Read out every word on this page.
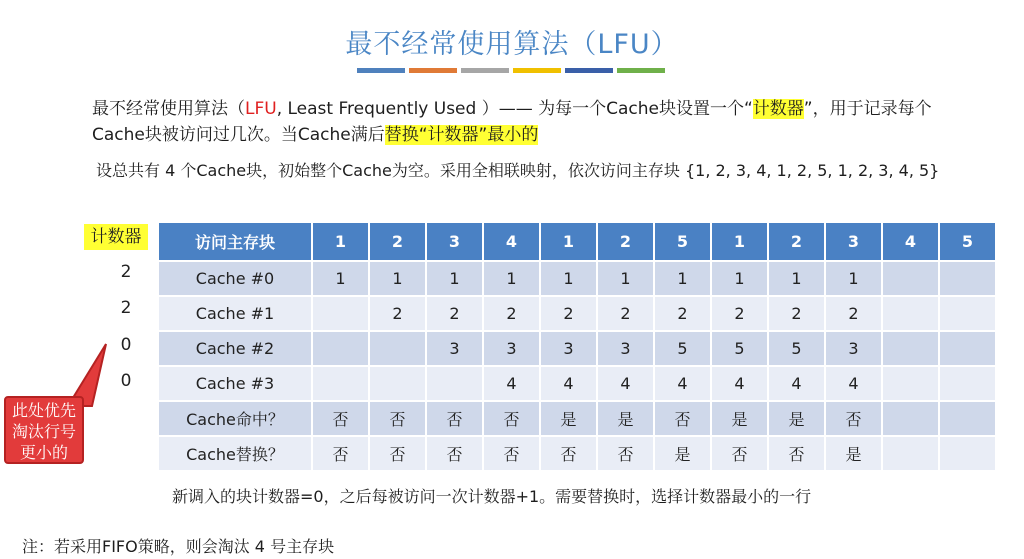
最不经常使用算法（LFU）
最不经常使用算法（LFU, Least Frequently Used ）—— 为每一个Cache块设置一个“计数器”，用于记录每个Cache块被访问过几次。当Cache满后替换“计数器”最小的
设总共有 4 个Cache块，初始整个Cache为空。采用全相联映射，依次访问主存块 {1, 2, 3, 4, 1, 2, 5, 1, 2, 3, 4, 5}
计数器
2
2
0
0
访问主存块	1	2	3	4	1	2	5	1	2	3	4	5
Cache #0	1	1	1	1	1	1	1	1	1	1		
Cache #1		2	2	2	2	2	2	2	2	2		
Cache #2			3	3	3	3	5	5	5	3		
Cache #3				4	4	4	4	4	4	4		
Cache命中？	否	否	否	否	是	是	否	是	是	否		
Cache替换？	否	否	否	否	否	否	是	否	否	是		
此处优先
淘汰行号
更小的
新调入的块计数器=0，之后每被访问一次计数器+1。需要替换时，选择计数器最小的一行
注：若采用FIFO策略，则会淘汰 4 号主存块
